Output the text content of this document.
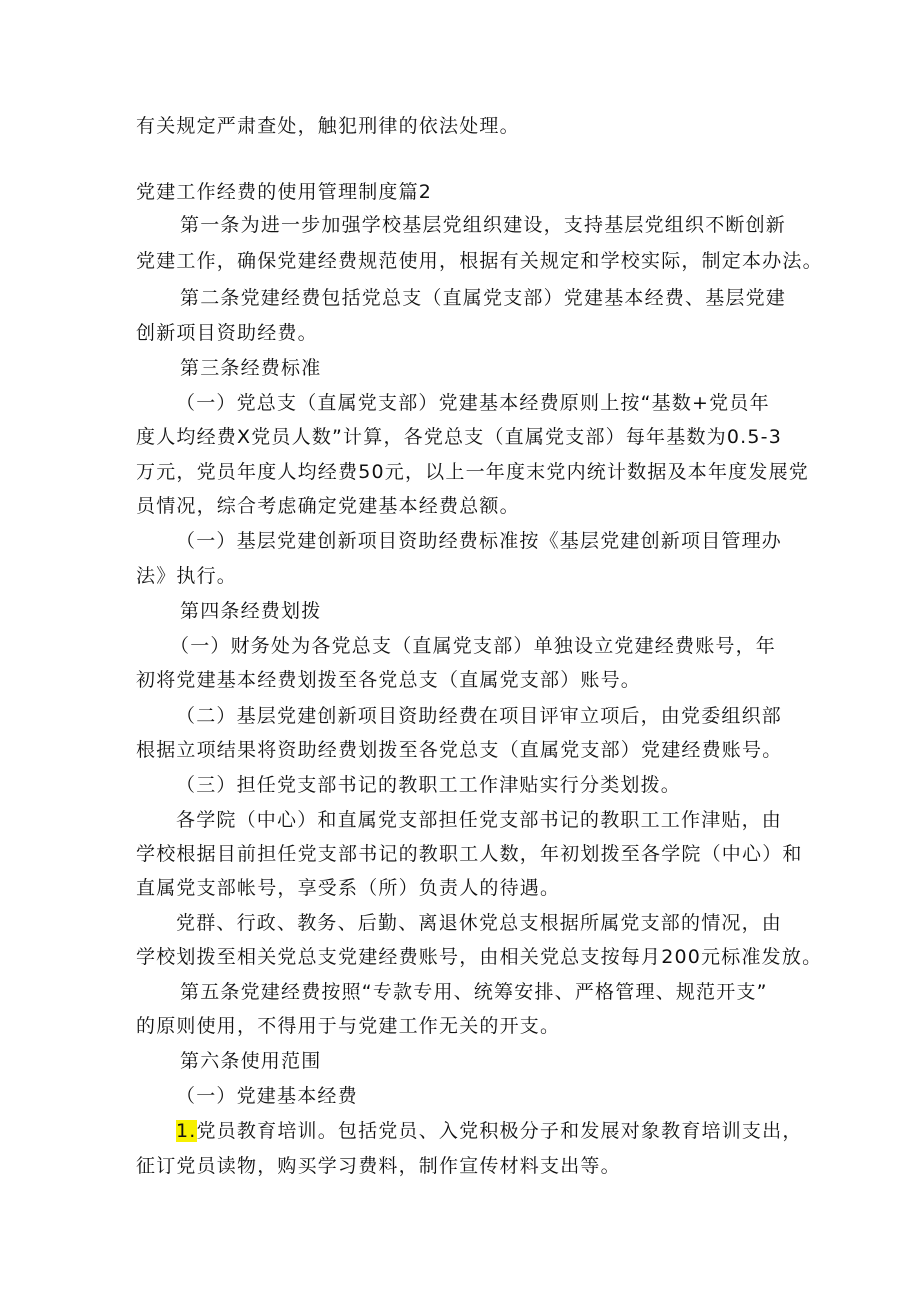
有关规定严肃查处，触犯刑律的依法处理。
党建工作经费的使用管理制度篇2
第一条为进一步加强学校基层党组织建设，支持基层党组织不断创新
党建工作，确保党建经费规范使用，根据有关规定和学校实际，制定本办法。
第二条党建经费包括党总支（直属党支部）党建基本经费、基层党建
创新项目资助经费。
第三条经费标准
（一）党总支（直属党支部）党建基本经费原则上按“基数+党员年
度人均经费X党员人数”计算，各党总支（直属党支部）每年基数为0.5-3
万元，党员年度人均经费50元，以上一年度末党内统计数据及本年度发展党
员情况，综合考虑确定党建基本经费总额。
（一）基层党建创新项目资助经费标准按《基层党建创新项目管理办
法》执行。
第四条经费划拨
（一）财务处为各党总支（直属党支部）单独设立党建经费账号，年
初将党建基本经费划拨至各党总支（直属党支部）账号。
（二）基层党建创新项目资助经费在项目评审立项后，由党委组织部
根据立项结果将资助经费划拨至各党总支（直属党支部）党建经费账号。
（三）担任党支部书记的教职工工作津贴实行分类划拨。
各学院（中心）和直属党支部担任党支部书记的教职工工作津贴，由
学校根据目前担任党支部书记的教职工人数，年初划拨至各学院（中心）和
直属党支部帐号，享受系（所）负责人的待遇。
党群、行政、教务、后勤、离退休党总支根据所属党支部的情况，由
学校划拨至相关党总支党建经费账号，由相关党总支按每月200元标准发放。
第五条党建经费按照“专款专用、统筹安排、严格管理、规范开支”
的原则使用，不得用于与党建工作无关的开支。
第六条使用范围
（一）党建基本经费
1.党员教育培训。包括党员、入党积极分子和发展对象教育培训支出，
征订党员读物，购买学习费料，制作宣传材料支出等。
